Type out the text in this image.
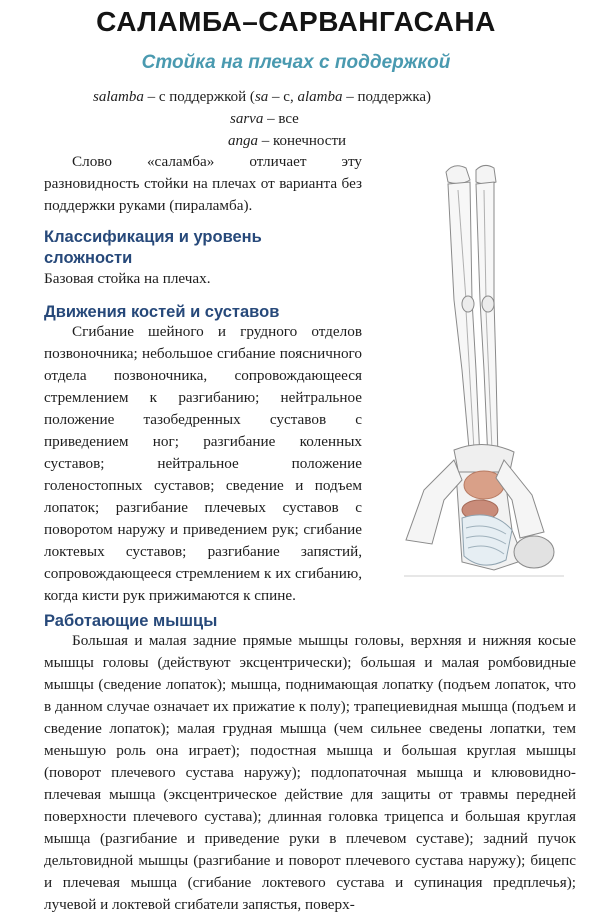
САЛАМБА–САРВАНГАСАНА
Стойка на плечах с поддержкой
salamba – с поддержкой (sa – с, alamba – поддержка)
sarva – все
anga – конечности
Слово «саламба» отличает эту разновидность стойки на плечах от варианта без поддержки руками (пираламба).
Классификация и уровень сложности
Базовая стойка на плечах.
Движения костей и суставов
Сгибание шейного и грудного отделов позвоночника; небольшое сгибание поясничного отдела позвоночника, сопровождающееся стремлением к разгибанию; нейтральное положение тазобедренных суставов с приведением ног; разгибание коленных суставов; нейтральное положение голеностопных суставов; сведение и подъем лопаток; разгибание плечевых суставов с поворотом наружу и приведением рук; сгибание локтевых суставов; разгибание запястий, сопровождающееся стремлением к их сгибанию, когда кисти рук прижимаются к спине.
Работающие мышцы
Большая и малая задние прямые мышцы головы, верхняя и нижняя косые мышцы головы (действуют эксцентрически); большая и малая ромбовидные мышцы (сведение лопаток); мышца, поднимающая лопатку (подъем лопаток, что в данном случае означает их прижатие к полу); трапециевидная мышца (подъем и сведение лопаток); малая грудная мышца (чем сильнее сведены лопатки, тем меньшую роль она играет); подостная мышца и большая круглая мышцы (поворот плечевого сустава наружу); подлопаточная мышца и клювовидно-плечевая мышца (эксцентрическое действие для защиты от травмы передней поверхности плечевого сустава); длинная головка трицепса и большая круглая мышца (разгибание и приведение руки в плечевом суставе); задний пучок дельтовидной мышцы (разгибание и поворот плечевого сустава наружу); бицепс и плечевая мышца (сгибание локтевого сустава и супинация предплечья); лучевой и локтевой сгибатели запястья, поверх-
